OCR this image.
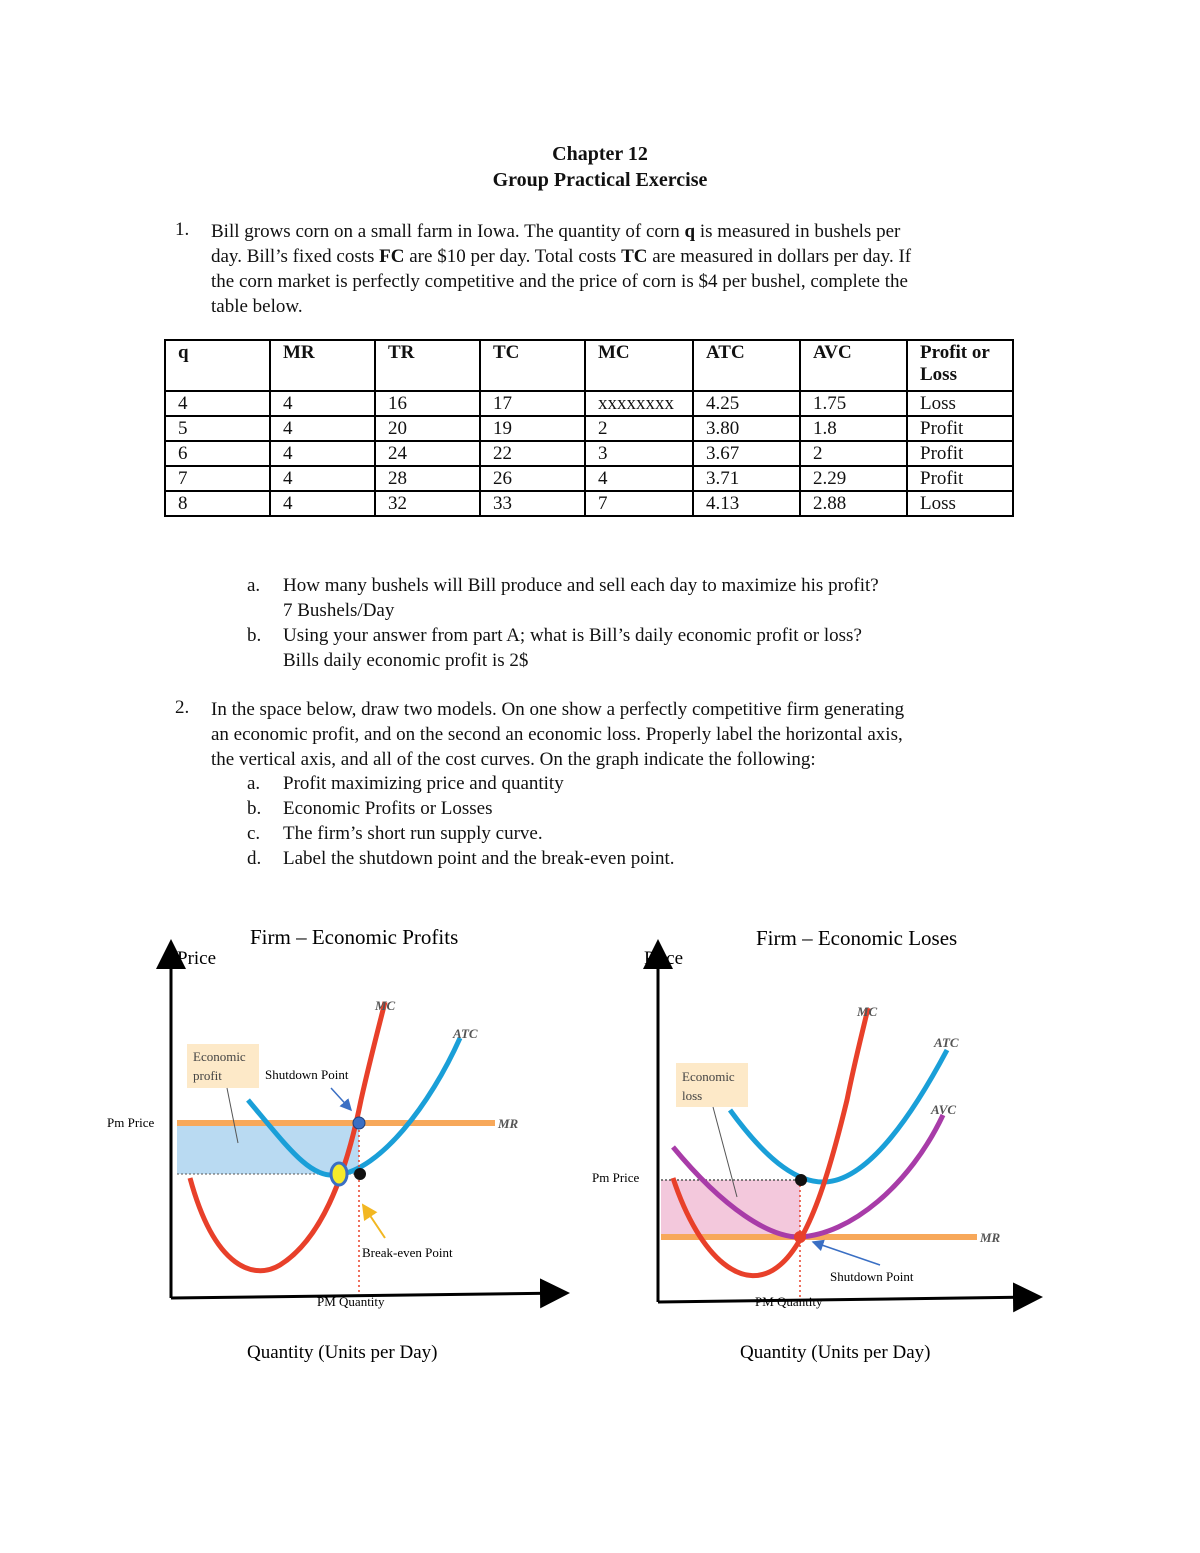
Chapter 12
Group Practical Exercise
1. Bill grows corn on a small farm in Iowa. The quantity of corn q is measured in bushels per
day. Bill’s fixed costs FC are $10 per day. Total costs TC are measured in dollars per day. If
the corn market is perfectly competitive and the price of corn is $4 per bushel, complete the
table below.
q	MR	TR	TC	MC	ATC	AVC	Profit or Loss
4	4	16	17	xxxxxxxx	4.25	1.75	Loss
5	4	20	19	2	3.80	1.8	Profit
6	4	24	22	3	3.67	2	Profit
7	4	28	26	4	3.71	2.29	Profit
8	4	32	33	7	4.13	2.88	Loss
a. How many bushels will Bill produce and sell each day to maximize his profit?
7 Bushels/Day
b. Using your answer from part A; what is Bill’s daily economic profit or loss?
Bills daily economic profit is 2$
2. In the space below, draw two models. On one show a perfectly competitive firm generating
an economic profit, and on the second an economic loss. Properly label the horizontal axis,
the vertical axis, and all of the cost curves. On the graph indicate the following:
a. Profit maximizing price and quantity
b. Economic Profits or Losses
c. The firm’s short run supply curve.
d. Label the shutdown point and the break-even point.
MR
ATC
MC
Economic
profit	Shutdown Point
Break-even Point
Pm Price
PM Quantity
Price
Firm – Economic Profits
Quantity (Units per Day)
MR
AVC
ATC
MC
Economic
loss
Shutdown Point
Pm Price
PM Quantity
Price
Firm – Economic Loses
Quantity (Units per Day)
